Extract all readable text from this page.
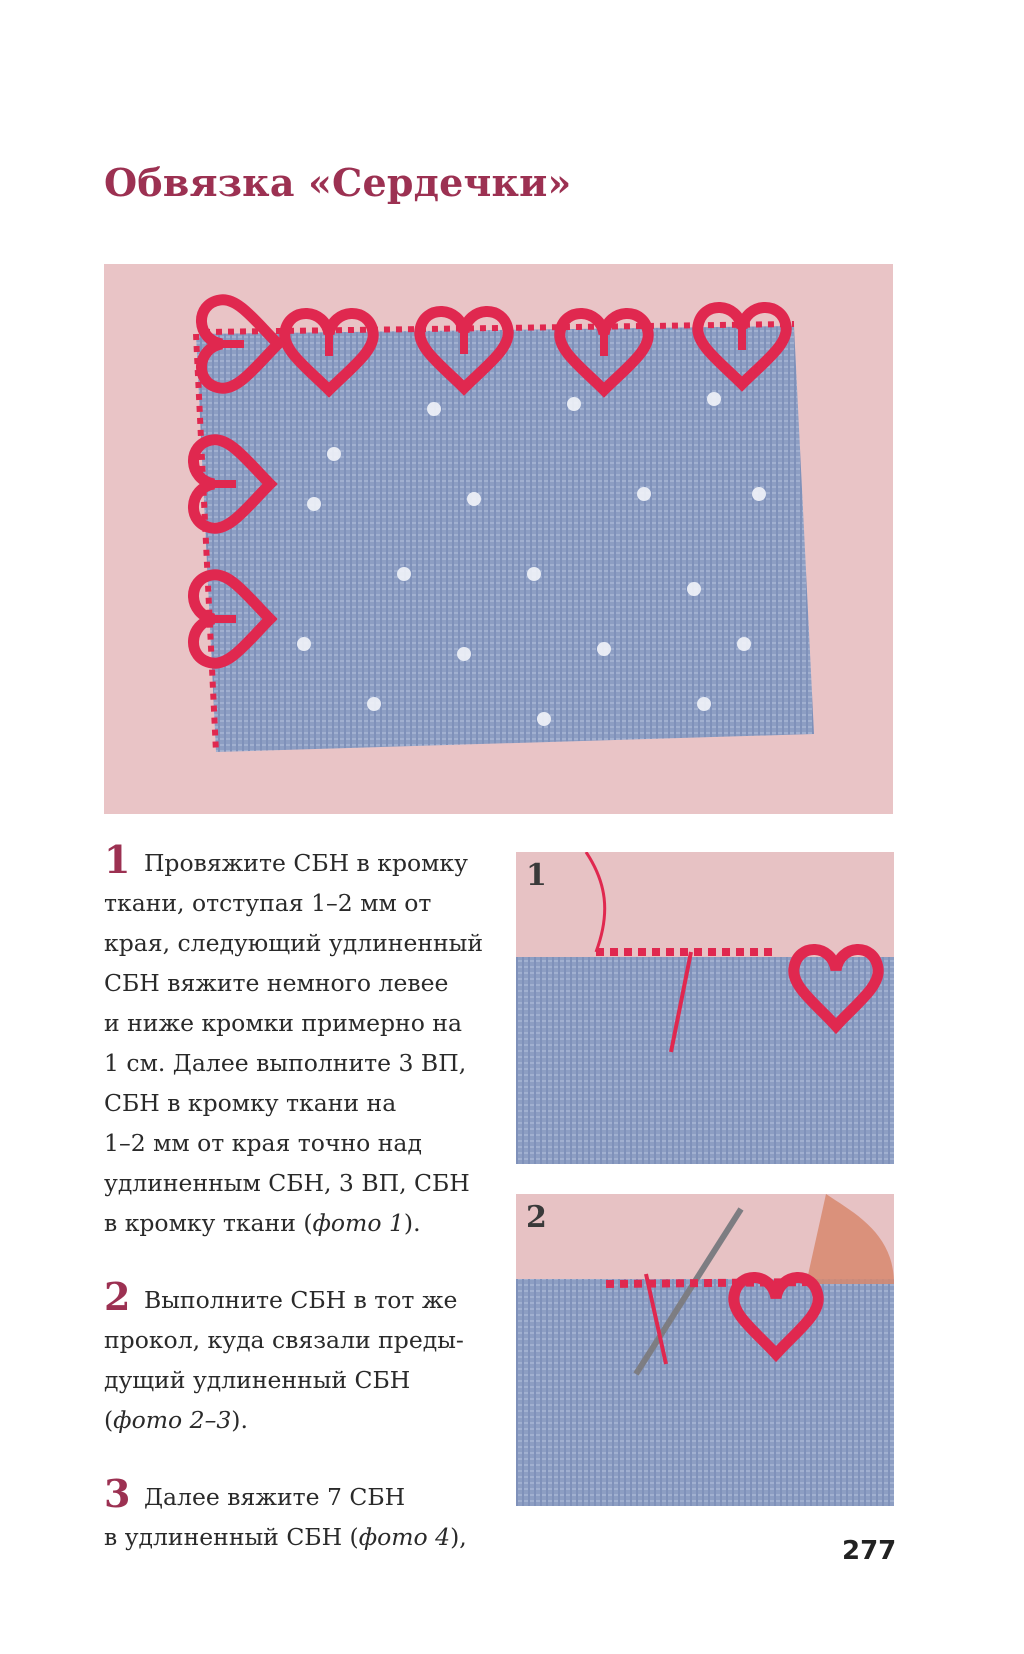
Обвязка «Сердечки»
1
2
1 Провяжите СБН в кромку
ткани, отступая 1–2 мм от
края, следующий удлиненный
СБН вяжите немного левее
и ниже кромки примерно на
1 см. Далее выполните 3 ВП,
СБН в кромку ткани на
1–2 мм от края точно над
удлиненным СБН, 3 ВП, СБН
в кромку ткани (фото 1).
2 Выполните СБН в тот же
прокол, куда связали преды-
дущий удлиненный СБН
(фото 2–3).
3 Далее вяжите 7 СБН
в удлиненный СБН (фото 4),	277
